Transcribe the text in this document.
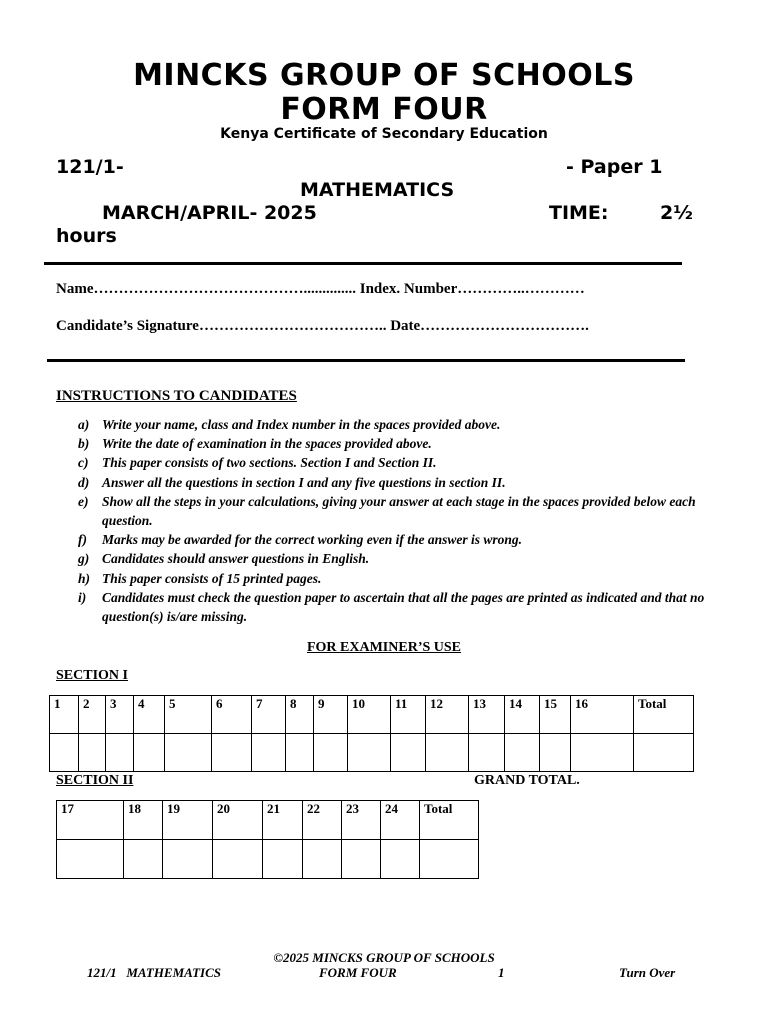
MINCKS GROUP OF SCHOOLS
FORM FOUR
Kenya Certificate of Secondary Education
121/1-	- Paper 1
MATHEMATICS
MARCH/APRIL- 2025	TIME:	2½
hours
Name…………………………………….............. Index. Number…………..…………
Candidate’s Signature……………………………….. Date…………………………….
INSTRUCTIONS TO CANDIDATES
a) Write your name, class and Index number in the spaces provided above.
b) Write the date of examination in the spaces provided above.
c)	This paper consists of two sections. Section I and Section II.
d) Answer all the questions in section I and any five questions in section II.
e)	Show all the steps in your calculations, giving your answer at each stage in the spaces provided below each question.
f)	Marks may be awarded for the correct working even if the answer is wrong.
g) Candidates should answer questions in English.
h) This paper consists of 15 printed pages.
i)	Candidates must check the question paper to ascertain that all the pages are printed as indicated and that no question(s) is/are missing.
FOR EXAMINER’S USE
SECTION I
1	2	3	4	5	6	7	8	9	10	11	12	13	14	15	16	Total

SECTION II	GRAND TOTAL.
17	18	19	20	21	22	23	24	Total

©2025 MINCKS GROUP OF SCHOOLS
121/1   MATHEMATICS	FORM FOUR	1	Turn Over
